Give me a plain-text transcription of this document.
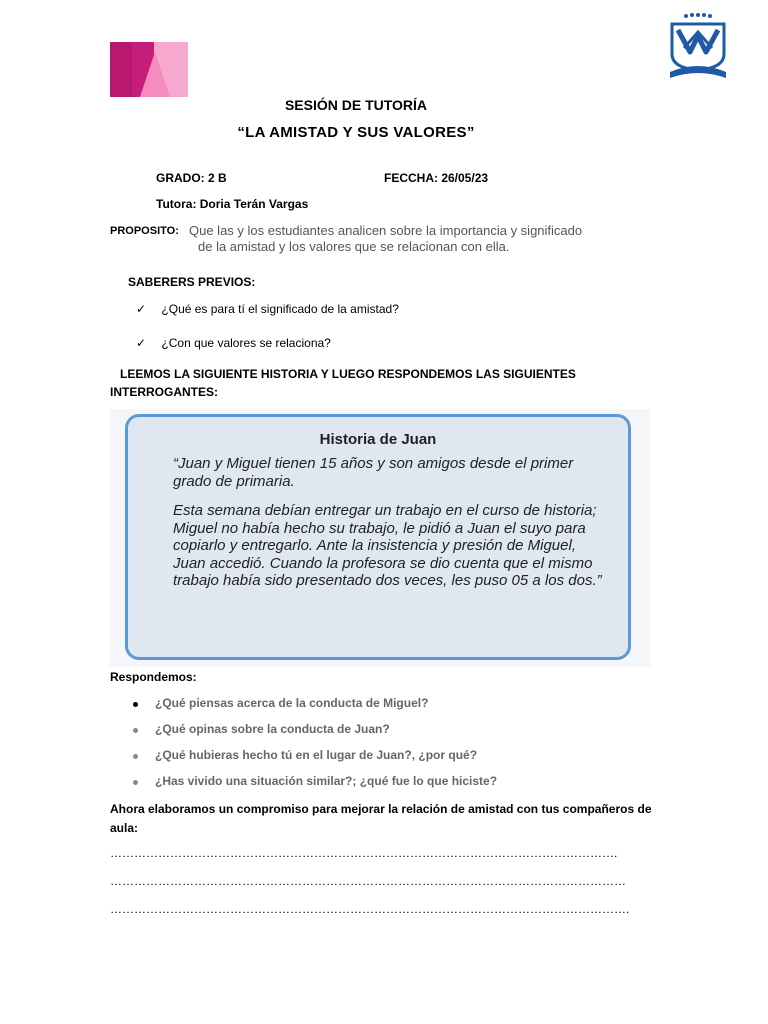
SESIÓN DE TUTORÍA
“LA AMISTAD Y SUS VALORES”
GRADO: 2 B	FECCHA: 26/05/23
Tutora: Doria Terán Vargas
PROPOSITO: Que las y los estudiantes analicen sobre la importancia y significado
de la amistad y los valores que se relacionan con ella.
SABERERS PREVIOS:
✓ ¿Qué es para tí el significado de la amistad?
✓ ¿Con que valores se relaciona?
LEEMOS LA SIGUIENTE HISTORIA Y LUEGO RESPONDEMOS LAS SIGUIENTES
INTERROGANTES:
Historia de Juan

“Juan y Miguel tienen 15 años y son amigos desde el primer grado de primaria.

Esta semana debían entregar un trabajo en el curso de historia; Miguel no había hecho su trabajo, le pidió a Juan el suyo para copiarlo y entregarlo. Ante la insistencia y presión de Miguel, Juan accedió. Cuando la profesora se dio cuenta que el mismo trabajo había sido presentado dos veces, les puso 05 a los dos.”

Respondemos:
¿Qué piensas acerca de la conducta de Miguel?
¿Qué opinas sobre la conducta de Juan?
¿Qué hubieras hecho tú en el lugar de Juan?, ¿por qué?
¿Has vivido una situación similar?; ¿qué fue lo que hiciste?
Ahora elaboramos un compromiso para mejorar la relación de amistad con tus compañeros de aula:
……………………………………………………………………………………………………………….
…………………………………………………………………………………………………………………
………………………………………………………………………………………………………………….
